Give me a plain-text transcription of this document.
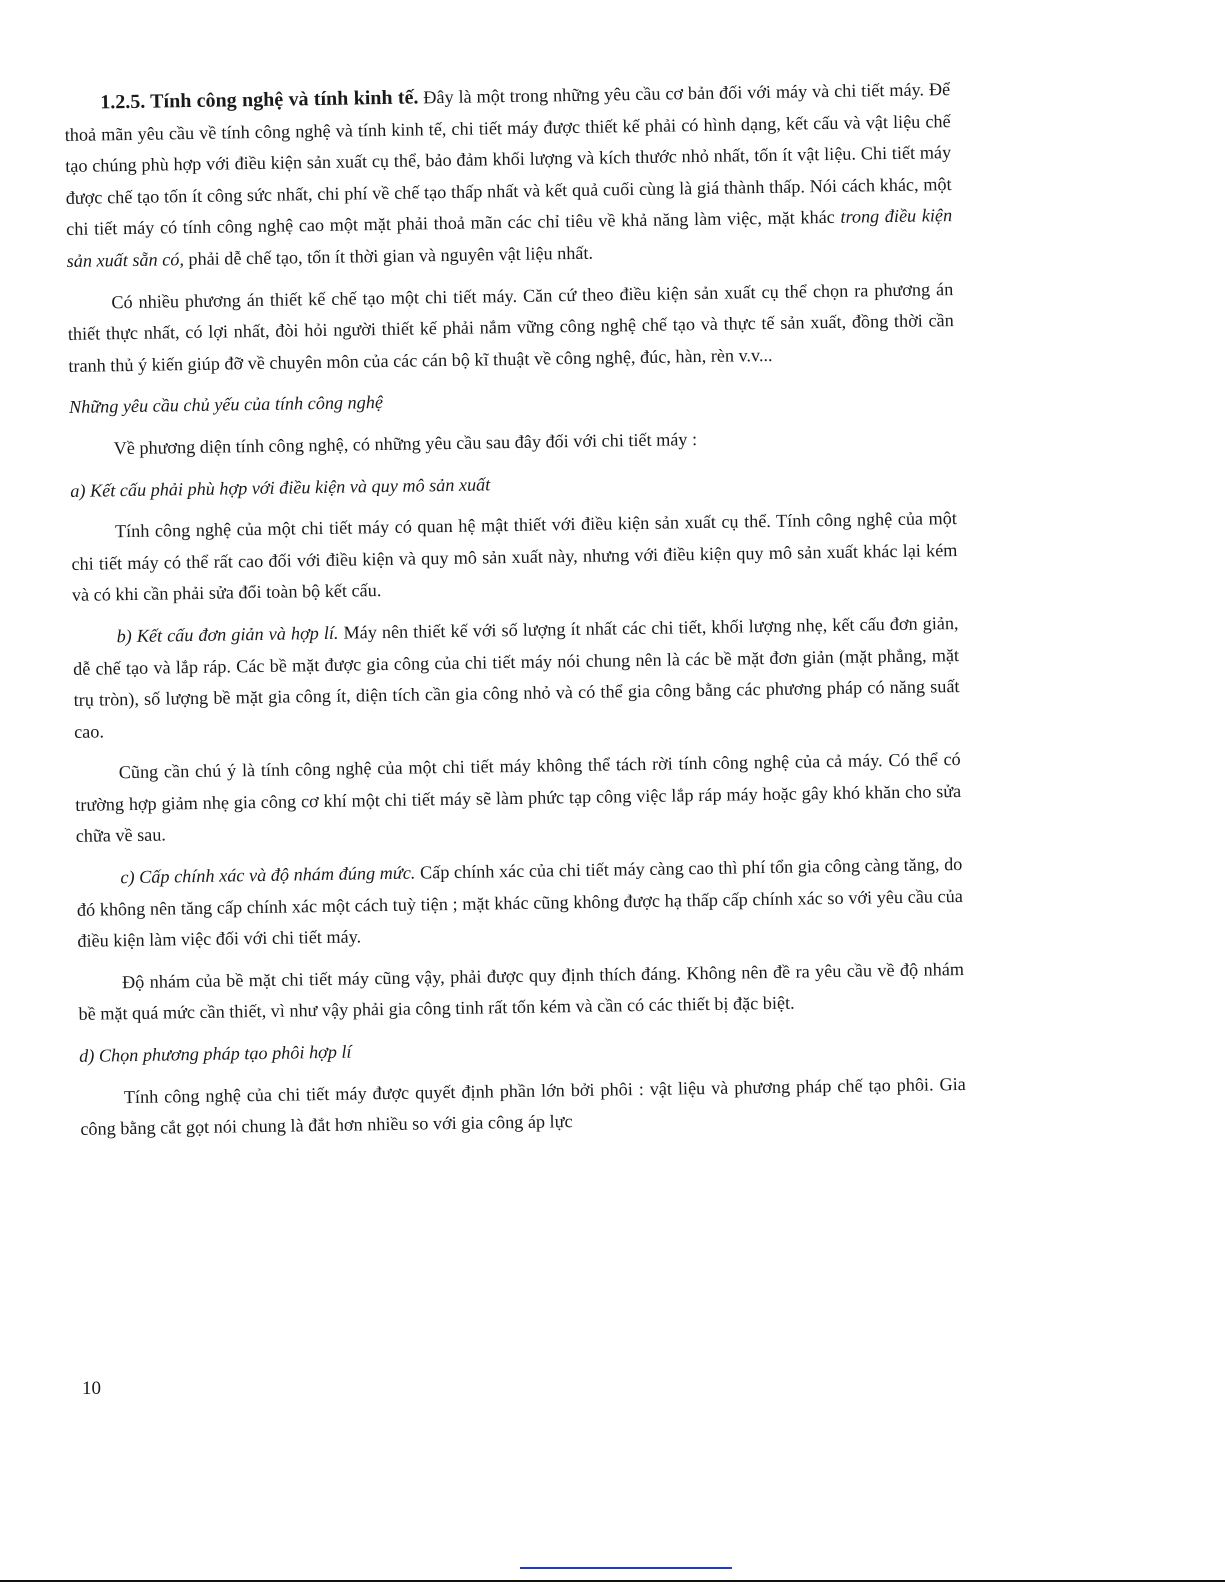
1.2.5. Tính công nghệ và tính kinh tế. Đây là một trong những yêu cầu cơ bản đối với máy và chi tiết máy. Để thoả mãn yêu cầu về tính công nghệ và tính kinh tế, chi tiết máy được thiết kế phải có hình dạng, kết cấu và vật liệu chế tạo chúng phù hợp với điều kiện sản xuất cụ thể, bảo đảm khối lượng và kích thước nhỏ nhất, tốn ít vật liệu. Chi tiết máy được chế tạo tốn ít công sức nhất, chi phí về chế tạo thấp nhất và kết quả cuối cùng là giá thành thấp. Nói cách khác, một chi tiết máy có tính công nghệ cao một mặt phải thoả mãn các chỉ tiêu về khả năng làm việc, mặt khác trong điều kiện sản xuất sẵn có, phải dễ chế tạo, tốn ít thời gian và nguyên vật liệu nhất.

Có nhiều phương án thiết kế chế tạo một chi tiết máy. Căn cứ theo điều kiện sản xuất cụ thể chọn ra phương án thiết thực nhất, có lợi nhất, đòi hỏi người thiết kế phải nắm vững công nghệ chế tạo và thực tế sản xuất, đồng thời cần tranh thủ ý kiến giúp đỡ về chuyên môn của các cán bộ kĩ thuật về công nghệ, đúc, hàn, rèn v.v...

Những yêu cầu chủ yếu của tính công nghệ

Về phương diện tính công nghệ, có những yêu cầu sau đây đối với chi tiết máy :

a) Kết cấu phải phù hợp với điều kiện và quy mô sản xuất

Tính công nghệ của một chi tiết máy có quan hệ mật thiết với điều kiện sản xuất cụ thể. Tính công nghệ của một chi tiết máy có thể rất cao đối với điều kiện và quy mô sản xuất này, nhưng với điều kiện quy mô sản xuất khác lại kém và có khi cần phải sửa đổi toàn bộ kết cấu.

b) Kết cấu đơn giản và hợp lí. Máy nên thiết kế với số lượng ít nhất các chi tiết, khối lượng nhẹ, kết cấu đơn giản, dễ chế tạo và lắp ráp. Các bề mặt được gia công của chi tiết máy nói chung nên là các bề mặt đơn giản (mặt phẳng, mặt trụ tròn), số lượng bề mặt gia công ít, diện tích cần gia công nhỏ và có thể gia công bằng các phương pháp có năng suất cao.

Cũng cần chú ý là tính công nghệ của một chi tiết máy không thể tách rời tính công nghệ của cả máy. Có thể có trường hợp giảm nhẹ gia công cơ khí một chi tiết máy sẽ làm phức tạp công việc lắp ráp máy hoặc gây khó khăn cho sửa chữa về sau.

c) Cấp chính xác và độ nhám đúng mức. Cấp chính xác của chi tiết máy càng cao thì phí tổn gia công càng tăng, do đó không nên tăng cấp chính xác một cách tuỳ tiện ; mặt khác cũng không được hạ thấp cấp chính xác so với yêu cầu của điều kiện làm việc đối với chi tiết máy.

Độ nhám của bề mặt chi tiết máy cũng vậy, phải được quy định thích đáng. Không nên đề ra yêu cầu về độ nhám bề mặt quá mức cần thiết, vì như vậy phải gia công tinh rất tốn kém và cần có các thiết bị đặc biệt.

d) Chọn phương pháp tạo phôi hợp lí

Tính công nghệ của chi tiết máy được quyết định phần lớn bởi phôi : vật liệu và phương pháp chế tạo phôi. Gia công bằng cắt gọt nói chung là đắt hơn nhiều so với gia công áp lực

10
